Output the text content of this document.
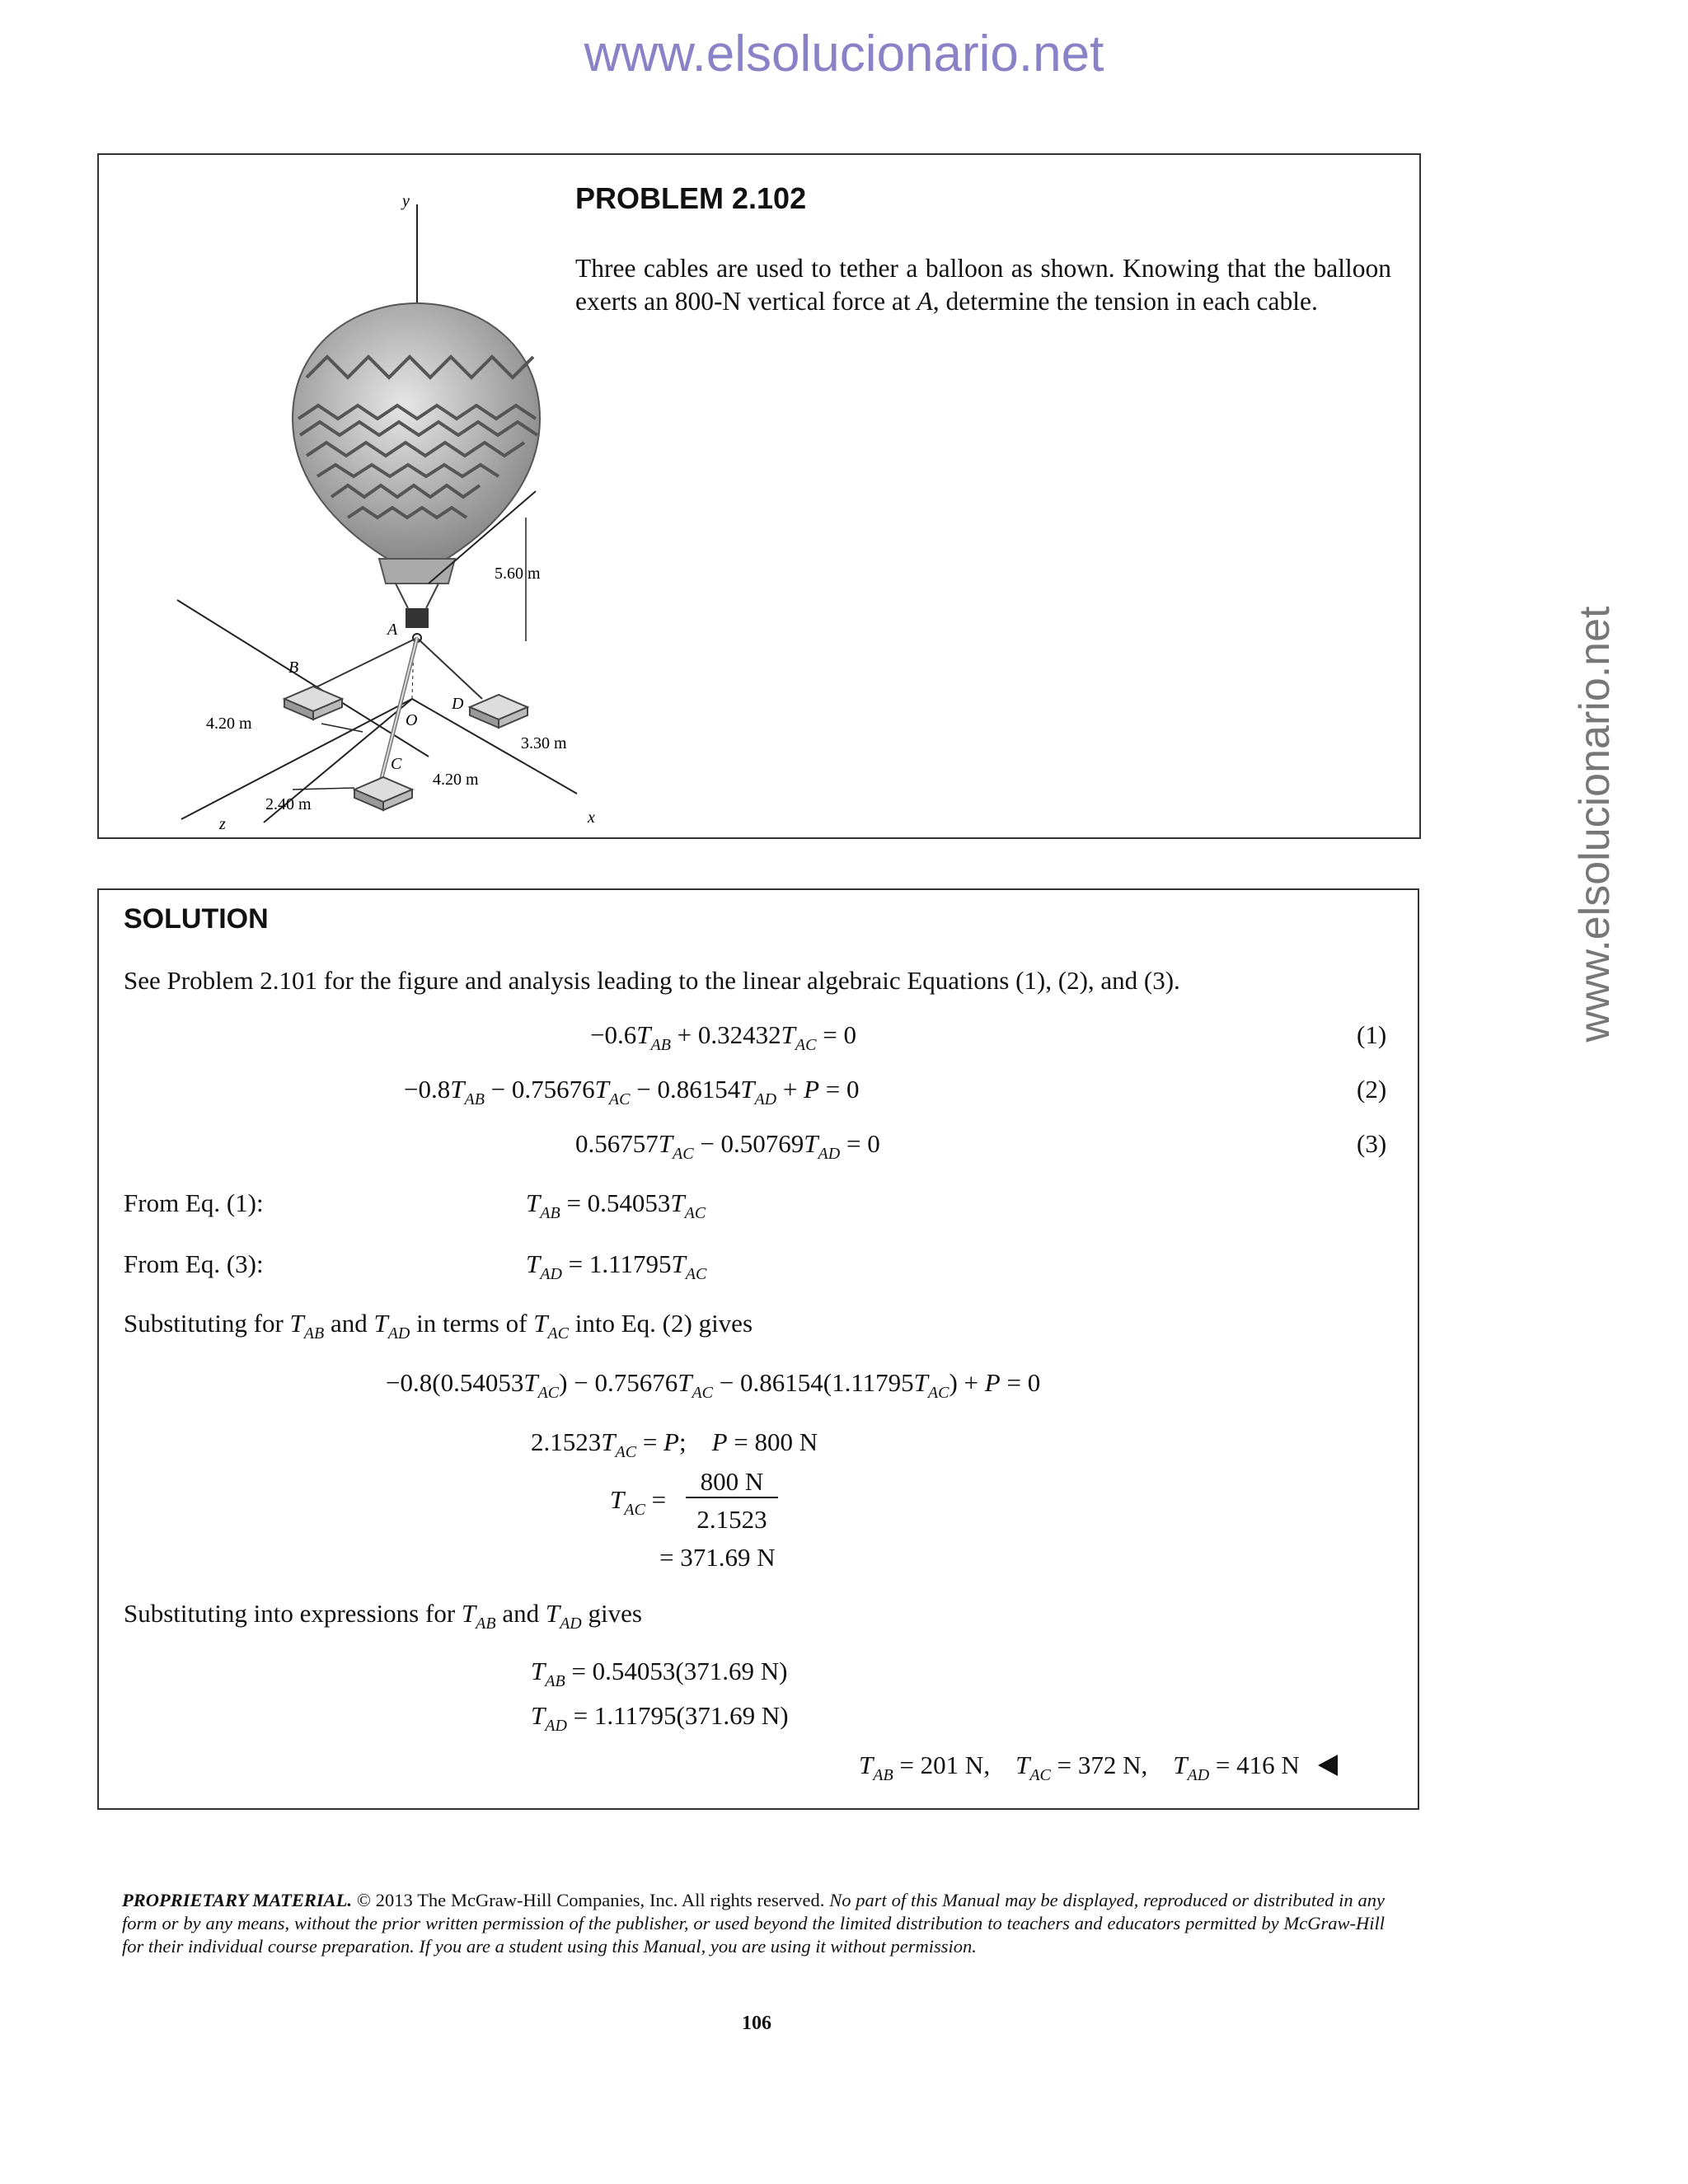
www.elsolucionario.net
www.elsolucionario.net
y
A
B
D
O
C
x
z
5.60 m
4.20 m
3.30 m
4.20 m
2.40 m
PROBLEM 2.102
Three cables are used to tether a balloon as shown. Knowing that the balloon exerts an 800-N vertical force at A, determine the tension in each cable.
SOLUTION
See Problem 2.101 for the figure and analysis leading to the linear algebraic Equations (1), (2), and (3).
$-0.6T_{AB} + 0.32432T_{AC} = 0$	(1)
$-0.8T_{AB} - 0.75676T_{AC} - 0.86154T_{AD} + P = 0$	(2)
$0.56757T_{AC} - 0.50769T_{AD} = 0$	(3)
From Eq. (1):	$T_{AB} = 0.54053T_{AC}$
From Eq. (3):	$T_{AD} = 1.11795T_{AC}$
Substituting for $T_{AB}$ and $T_{AD}$ in terms of $T_{AC}$ into Eq. (2) gives
$-0.8(0.54053T_{AC}) - 0.75676T_{AC} - 0.86154(1.11795T_{AC}) + P = 0$
$2.1523T_{AC} = P$;    P = 800 N
$T_{AC}$ =
800 N
2.1523
= 371.69 N
Substituting into expressions for $T_{AB}$ and $T_{AD}$ gives
$T_{AB} = 0.54053(371.69$ N)
$T_{AD} = 1.11795(371.69$ N)
$T_{AB} = 201$ N,    $T_{AC} = 372$ N,    $T_{AD} = 416$ N
PROPRIETARY MATERIAL. © 2013 The McGraw-Hill Companies, Inc. All rights reserved. No part of this Manual may be displayed, reproduced or distributed in any form or by any means, without the prior written permission of the publisher, or used beyond the limited distribution to teachers and educators permitted by McGraw-Hill for their individual course preparation. If you are a student using this Manual, you are using it without permission.
106
